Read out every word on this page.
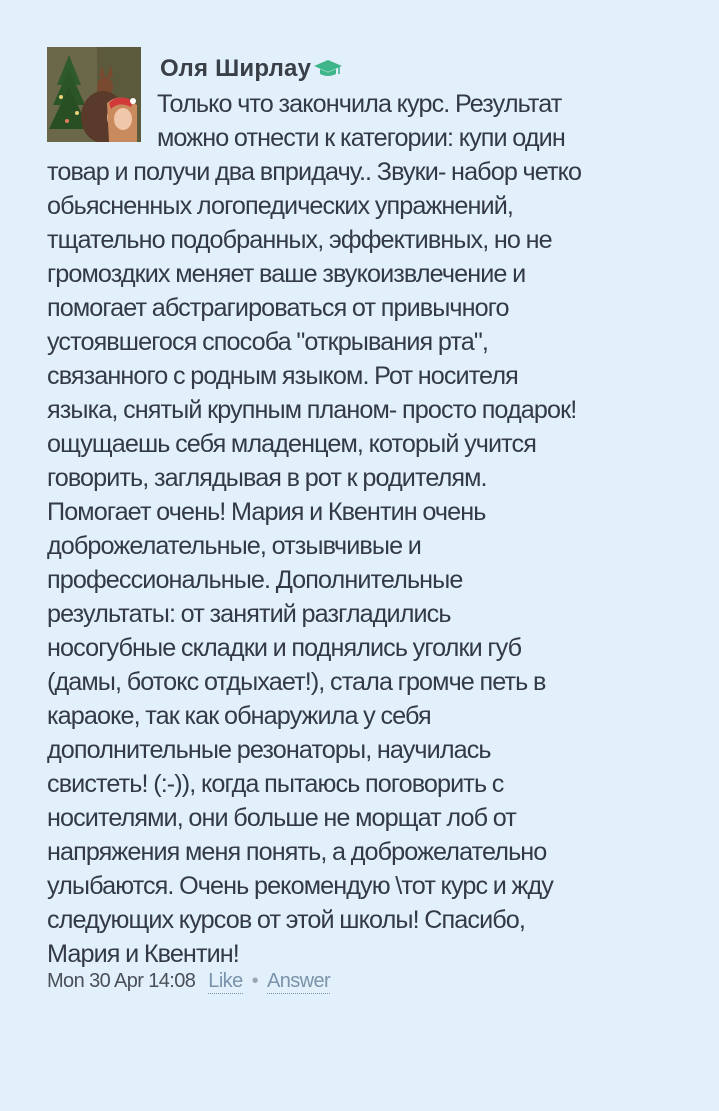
Оля Ширлау
Только что закончила курс. Результат
можно отнести к категории: купи один
товар и получи два впридачу.. Звуки- набор четко
обьясненных логопедических упражнений,
тщательно подобранных, эффективных, но не
громоздких меняет ваше звукоизвлечение и
помогает абстрагироваться от привычного
устоявшегося способа "открывания рта",
связанного с родным языком. Рот носителя
языка, снятый крупным планом- просто подарок!
ощущаешь себя младенцем, который учится
говорить, заглядывая в рот к родителям.
Помогает очень! Мария и Квентин очень
доброжелательные, отзывчивые и
профессиональные. Дополнительные
результаты: от занятий разгладились
носогубные складки и поднялись уголки губ
(дамы, ботокс отдыхает!), стала громче петь в
караоке, так как обнаружила у себя
дополнительные резонаторы, научилась
свистеть! (:-)), когда пытаюсь поговорить с
носителями, они больше не морщат лоб от
напряжения меня понять, а доброжелательно
улыбаются. Очень рекомендую \тот курс и жду
следующих курсов от этой школы! Спасибо,
Мария и Квентин!
Mon 30 Apr 14:08 Like • Answer
